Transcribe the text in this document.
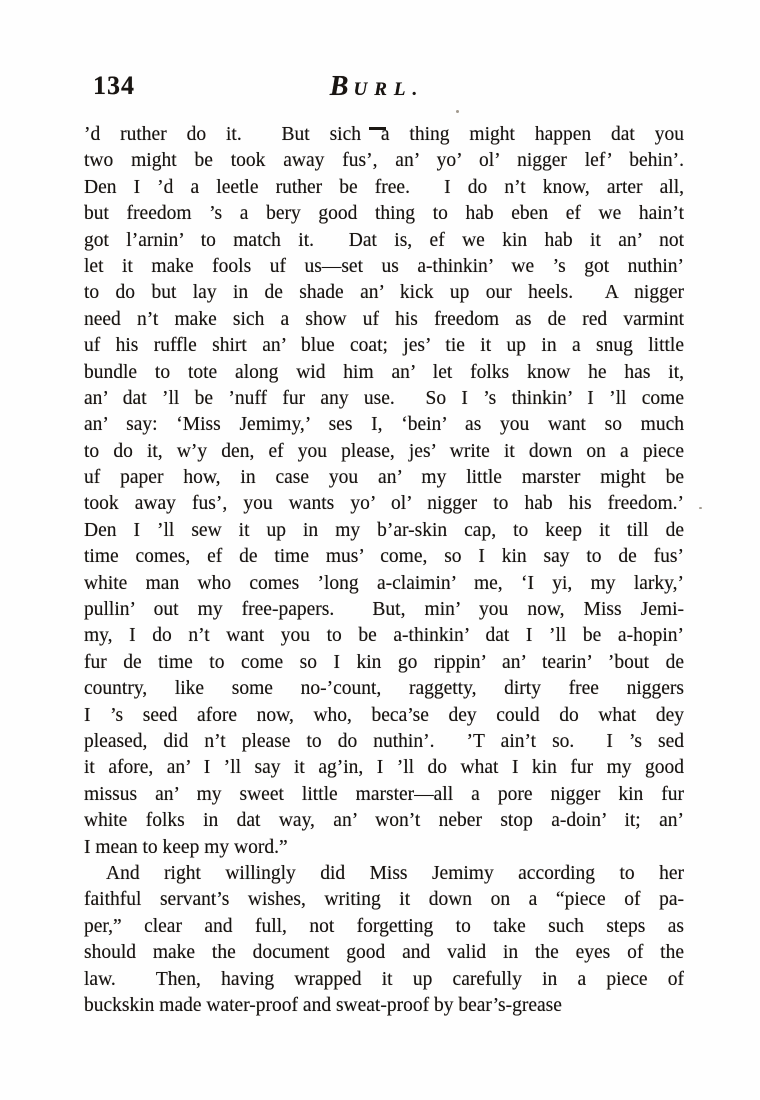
134	BURL.
’d ruther do it.  But sich a thing might happen dat you
two might be took away fus’, an’ yo’ ol’ nigger lef’ behin’.
Den I ’d a leetle ruther be free.  I do n’t know, arter all,
but freedom ’s a bery good thing to hab eben ef we hain’t
got l’arnin’ to match it.  Dat is, ef we kin hab it an’ not
let it make fools uf us—set us a-thinkin’ we ’s got nuthin’
to do but lay in de shade an’ kick up our heels.  A nigger
need n’t make sich a show uf his freedom as de red varmint
uf his ruffle shirt an’ blue coat; jes’ tie it up in a snug little
bundle to tote along wid him an’ let folks know he has it,
an’ dat ’ll be ’nuff fur any use.  So I ’s thinkin’ I ’ll come
an’ say: ‘Miss Jemimy,’ ses I, ‘bein’ as you want so much
to do it, w’y den, ef you please, jes’ write it down on a piece
uf paper how, in case you an’ my little marster might be
took away fus’, you wants yo’ ol’ nigger to hab his freedom.’
Den I ’ll sew it up in my b’ar-skin cap, to keep it till de
time comes, ef de time mus’ come, so I kin say to de fus’
white man who comes ’long a-claimin’ me, ‘I yi, my larky,’
pullin’ out my free-papers.  But, min’ you now, Miss Jemi-
my, I do n’t want you to be a-thinkin’ dat I ’ll be a-hopin’
fur de time to come so I kin go rippin’ an’ tearin’ ’bout de
country, like some no-’count, raggetty, dirty free niggers
I ’s seed afore now, who, beca’se dey could do what dey
pleased, did n’t please to do nuthin’.  ’T ain’t so.  I ’s sed
it afore, an’ I ’ll say it ag’in, I ’ll do what I kin fur my good
missus an’ my sweet little marster—all a pore nigger kin fur
white folks in dat way, an’ won’t neber stop a-doin’ it; an’
I mean to keep my word.”
And right willingly did Miss Jemimy according to her
faithful servant’s wishes, writing it down on a “piece of pa-
per,” clear and full, not forgetting to take such steps as
should make the document good and valid in the eyes of the
law.  Then, having wrapped it up carefully in a piece of
buckskin made water-proof and sweat-proof by bear’s-grease
